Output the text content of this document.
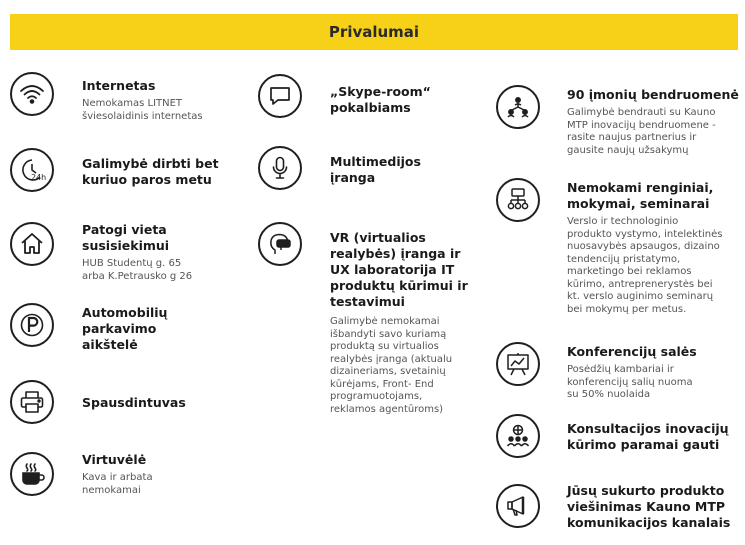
Privalumai
Internetas
Nemokamas LITNET
šviesolaidinis internetas
24h
Galimybė dirbti bet
kuriuo paros metu
Patogi vieta
susisiekimui
HUB Studentų g. 65
arba K.Petrausko g 26
Automobilių
parkavimo
aikštelė
Spausdintuvas
Virtuvėlė
Kava ir arbata
nemokamai
„Skype-room“
pokalbiams
Multimedijos
įranga
VR (virtualios
realybės) įranga ir
UX laboratorija IT
produktų kūrimui ir
testavimui
Galimybė nemokamai
išbandyti savo kuriamą
produktą su virtualios
realybės įranga (aktualu
dizaineriams, svetainių
kūrėjams, Front- End
programuotojams,
reklamos agentūroms)
90 įmonių bendruomenė
Galimybė bendrauti su Kauno
MTP inovacijų bendruomene -
rasite naujus partnerius ir
gausite naujų užsakymų
Nemokami renginiai,
mokymai, seminarai
Verslo ir technologinio
produkto vystymo, intelektinės
nuosavybės apsaugos, dizaino
tendencijų pristatymo,
marketingo bei reklamos
kūrimo, antreprenerystės bei
kt. verslo auginimo seminarų
bei mokymų per metus.
Konferencijų salės
Posėdžių kambariai ir
konferencijų salių nuoma
su 50% nuolaida
Konsultacijos inovacijų
kūrimo paramai gauti
Jūsų sukurto produkto
viešinimas Kauno MTP
komunikacijos kanalais
